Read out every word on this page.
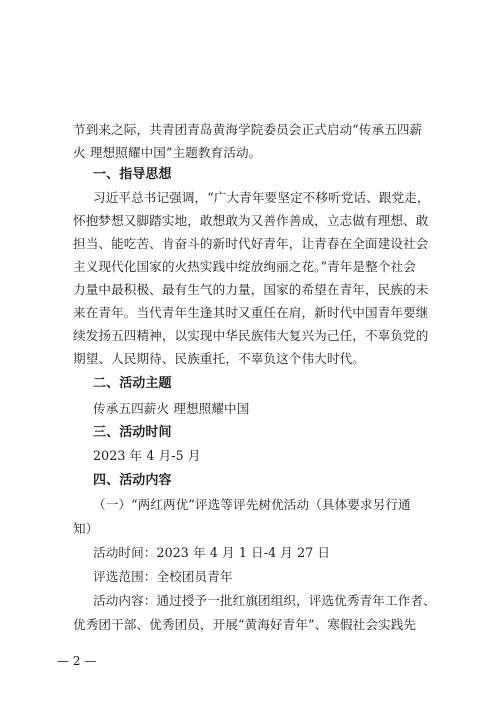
节到来之际，共青团青岛黄海学院委员会正式启动“传承五四薪
火 理想照耀中国”主题教育活动。
一、指导思想
习近平总书记强调，“广大青年要坚定不移听党话、跟党走，
怀抱梦想又脚踏实地，敢想敢为又善作善成，立志做有理想、敢
担当、能吃苦、肯奋斗的新时代好青年，让青春在全面建设社会
主义现代化国家的火热实践中绽放绚丽之花。”青年是整个社会
力量中最积极、最有生气的力量，国家的希望在青年，民族的未
来在青年。当代青年生逢其时又重任在肩，新时代中国青年要继
续发扬五四精神，以实现中华民族伟大复兴为己任，不辜负党的
期望、人民期待、民族重托，不辜负这个伟大时代。
二、活动主题
传承五四薪火 理想照耀中国
三、活动时间
2023 年 4 月-5 月
四、活动内容
（一）“两红两优”评选等评先树优活动（具体要求另行通
知）
活动时间：2023 年 4 月 1 日-4 月 27 日
评选范围：全校团员青年
活动内容：通过授予一批红旗团组织，评选优秀青年工作者、
优秀团干部、优秀团员，开展“黄海好青年”、寒假社会实践先
— 2 —
